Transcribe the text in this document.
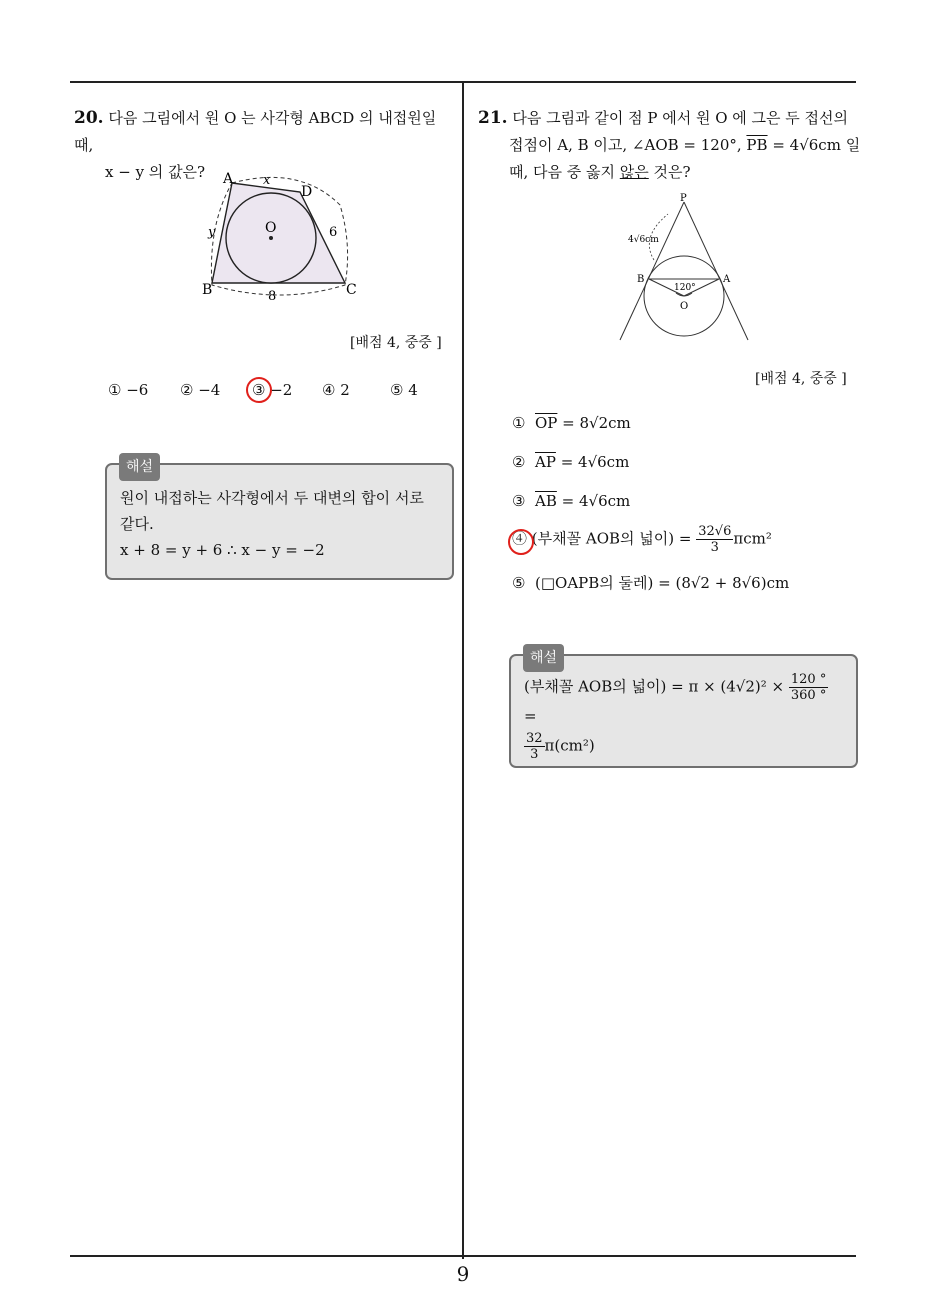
20. 다음 그림에서 원 O 는 사각형 ABCD 의 내접원일 때,
x − y 의 값은?	A
D
B	C
O
x
y	6
8
[배점 4, 중중 ]
① −6 ② −4 ③ −2 ④ 2	⑤ 4
해설
원이 내접하는 사각형에서 두 대변의 합이 서로
같다.
x + 8 = y + 6 ∴ x − y = −2
21. 다음 그림과 같이 점 P 에서 원 O 에 그은 두 접선의
접점이 A, B 이고, ∠AOB = 120°, $\overline{PB} = 4√6cm$ 일
때, 다음 중 옳지 않은 것은?
P
B	A
O
120°
4√6cm
[배점 4, 중중 ]
① $\overline{OP} = 8√2cm$
② $\overline{AP} = 4√6cm$
③ $\overline{AB} = 4√6cm$
④ (부채꼴 AOB의 넓이) = $\frac{32√6}{3} \pi cm^2$
⑤ (□OAPB의 둘레) = (8√2 + 8√6)cm
해설
(부채꼴 AOB의 넓이) = $\pi \times (4√2)^2 \times \frac{120 ^\circ}{360 ^\circ}$
=
$\frac{32}{3} \pi(cm^2)$
9
